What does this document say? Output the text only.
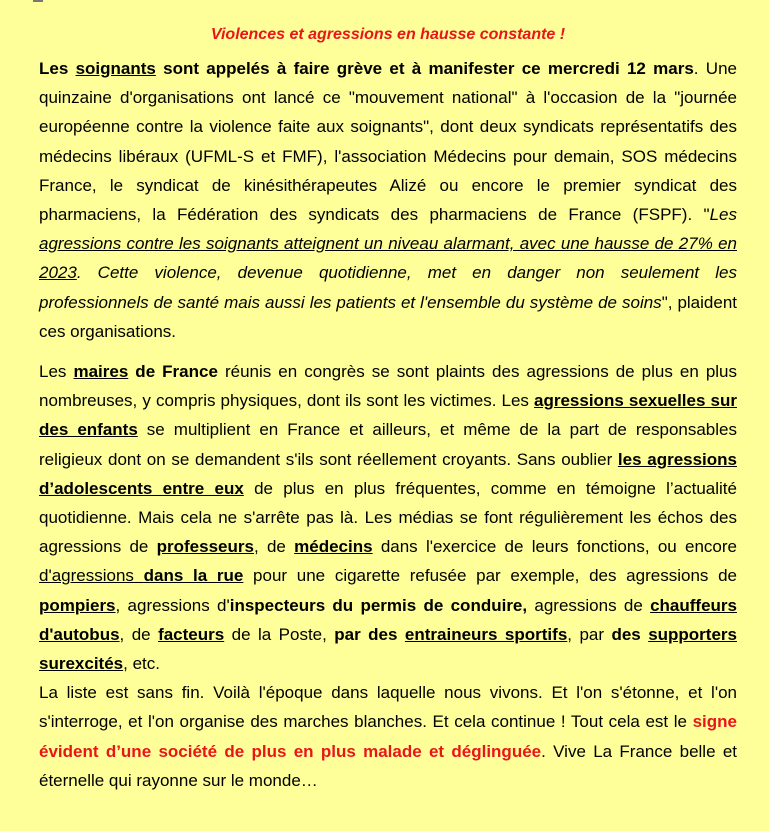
Violences et agressions en hausse constante !

Les soignants sont appelés à faire grève et à manifester ce mercredi 12 mars. Une quinzaine d'organisations ont lancé ce "mouvement national" à l'occasion de la "journée européenne contre la violence faite aux soignants", dont deux syndicats représentatifs des médecins libéraux (UFML-S et FMF), l'association Médecins pour demain, SOS médecins France, le syndicat de kinésithérapeutes Alizé ou encore le premier syndicat des pharmaciens, la Fédération des syndicats des pharmaciens de France (FSPF). "Les agressions contre les soignants atteignent un niveau alarmant, avec une hausse de 27% en 2023. Cette violence, devenue quotidienne, met en danger non seulement les professionnels de santé mais aussi les patients et l'ensemble du système de soins", plaident ces organisations.

Les maires de France réunis en congrès se sont plaints des agressions de plus en plus nombreuses, y compris physiques, dont ils sont les victimes. Les agressions sexuelles sur des enfants se multiplient en France et ailleurs, et même de la part de responsables religieux dont on se demandent s'ils sont réellement croyants. Sans oublier les agressions d’adolescents entre eux de plus en plus fréquentes, comme en témoigne l’actualité quotidienne. Mais cela ne s'arrête pas là. Les médias se font régulièrement les échos des agressions de professeurs, de médecins dans l'exercice de leurs fonctions, ou encore d'agressions dans la rue pour une cigarette refusée par exemple, des agressions de pompiers, agressions d'inspecteurs du permis de conduire, agressions de chauffeurs d'autobus, de facteurs de la Poste, par des entraineurs sportifs, par des supporters surexcités, etc.

La liste est sans fin. Voilà l'époque dans laquelle nous vivons. Et l'on s'étonne, et l'on s'interroge, et l'on organise des marches blanches. Et cela continue ! Tout cela est le signe évident d’une société de plus en plus malade et déglinguée. Vive La France belle et éternelle qui rayonne sur le monde…
